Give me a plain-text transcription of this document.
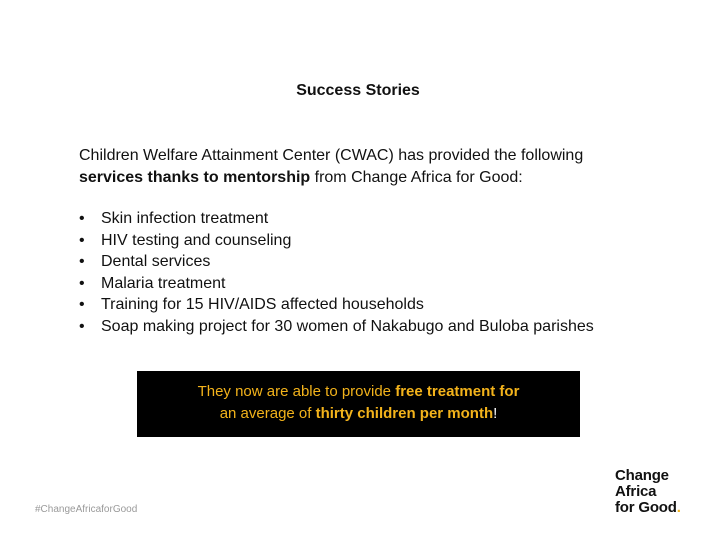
Success Stories
Children Welfare Attainment Center (CWAC) has provided the following
services thanks to mentorship from Change Africa for Good:
• Skin infection treatment
• HIV testing and counseling
• Dental services
• Malaria treatment
• Training for 15 HIV/AIDS affected households
• Soap making project for 30 women of Nakabugo and Buloba parishes
They now are able to provide free treatment for
an average of thirty children per month!
#ChangeAfricaforGood
Change
Africa
for Good.
